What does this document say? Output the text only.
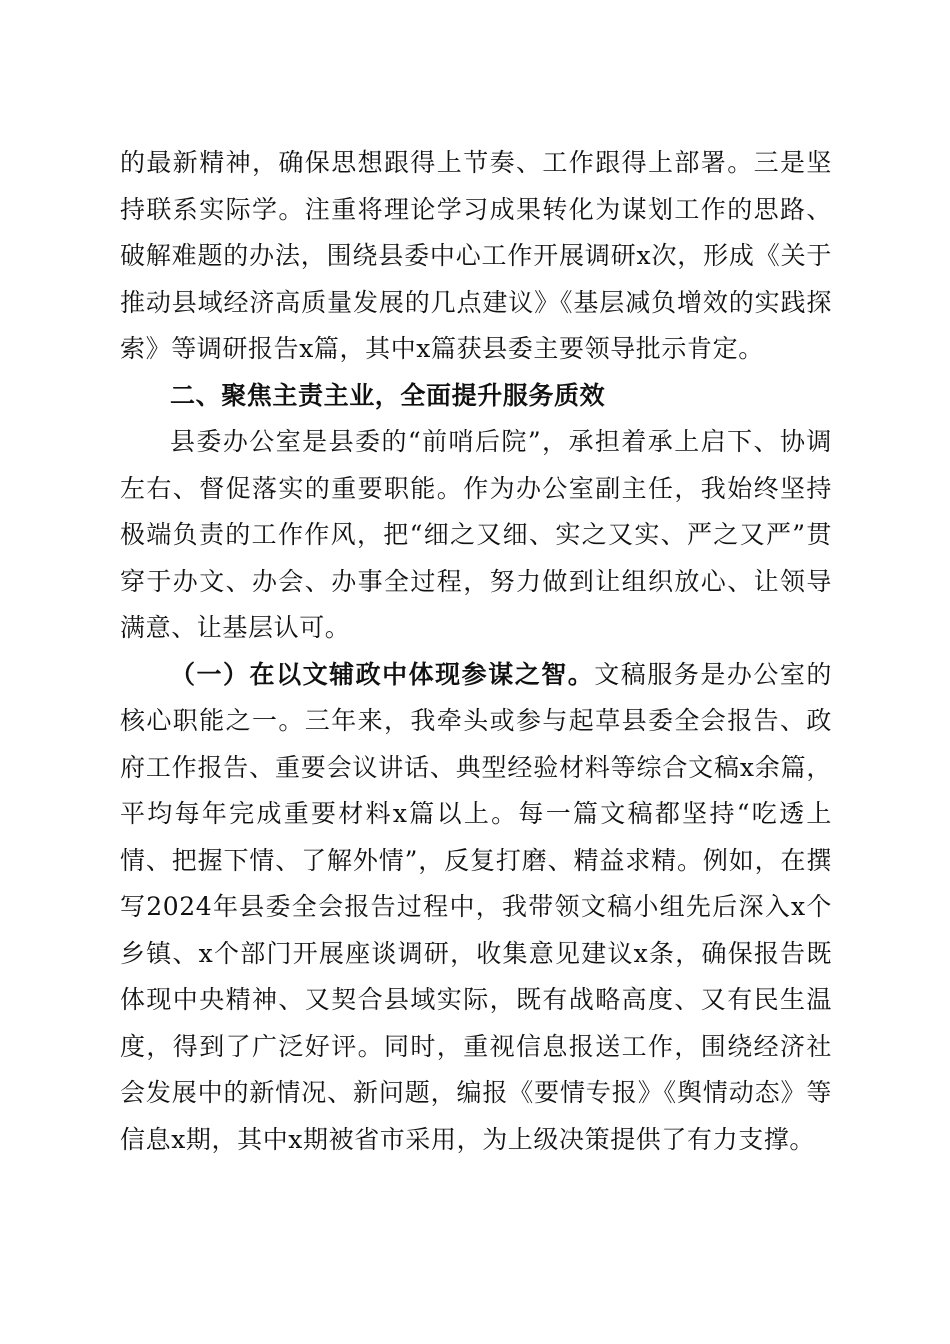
的最新精神，确保思想跟得上节奏、工作跟得上部署。三是坚持联系实际学。注重将理论学习成果转化为谋划工作的思路、破解难题的办法，围绕县委中心工作开展调研x次，形成《关于推动县域经济高质量发展的几点建议》《基层减负增效的实践探索》等调研报告x篇，其中x篇获县委主要领导批示肯定。

二、聚焦主责主业，全面提升服务质效

县委办公室是县委的“前哨后院”，承担着承上启下、协调左右、督促落实的重要职能。作为办公室副主任，我始终坚持极端负责的工作作风，把“细之又细、实之又实、严之又严”贯穿于办文、办会、办事全过程，努力做到让组织放心、让领导满意、让基层认可。

（一）在以文辅政中体现参谋之智。文稿服务是办公室的核心职能之一。三年来，我牵头或参与起草县委全会报告、政府工作报告、重要会议讲话、典型经验材料等综合文稿x余篇，平均每年完成重要材料x篇以上。每一篇文稿都坚持“吃透上情、把握下情、了解外情”，反复打磨、精益求精。例如，在撰写2024年县委全会报告过程中，我带领文稿小组先后深入x个乡镇、x个部门开展座谈调研，收集意见建议x条，确保报告既体现中央精神、又契合县域实际，既有战略高度、又有民生温度，得到了广泛好评。同时，重视信息报送工作，围绕经济社会发展中的新情况、新问题，编报《要情专报》《舆情动态》等信息x期，其中x期被省市采用，为上级决策提供了有力支撑。
